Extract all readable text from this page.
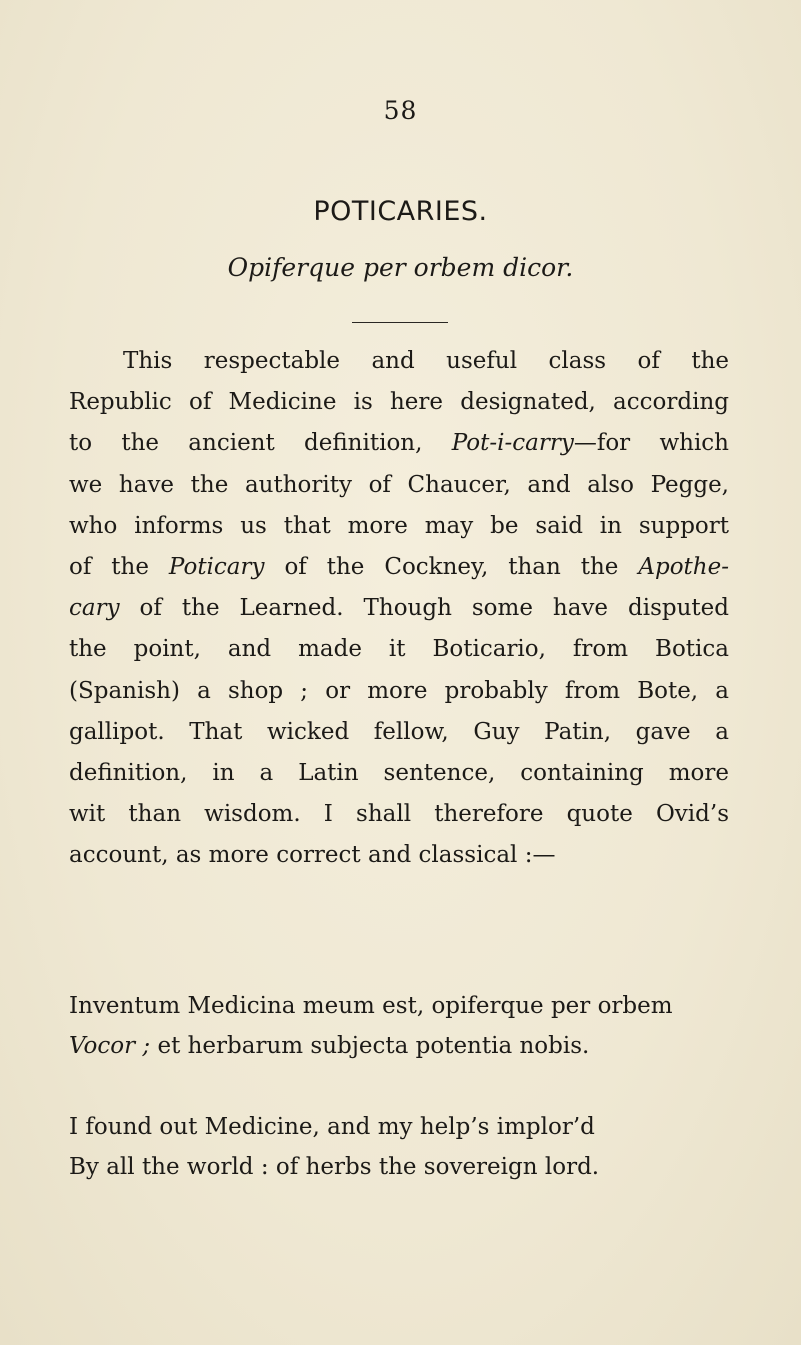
58
POTICARIES.
Opiferque per orbem dicor.
This respectable and useful class of the
Republic of Medicine is here designated, according
to the ancient definition, Pot-i-carry—for which
we have the authority of Chaucer, and also Pegge,
who informs us that more may be said in support
of the Poticary of the Cockney, than the Apothe-
cary of the Learned. Though some have disputed
the point, and made it Boticario, from Botica
(Spanish) a shop ; or more probably from Bote, a
gallipot. That wicked fellow, Guy Patin, gave a
definition, in a Latin sentence, containing more
wit than wisdom. I shall therefore quote Ovid’s
account, as more correct and classical :—
Inventum Medicina meum est, opiferque per orbem
Vocor ; et herbarum subjecta potentia nobis.
I found out Medicine, and my help’s implor’d
By all the world : of herbs the sovereign lord.
